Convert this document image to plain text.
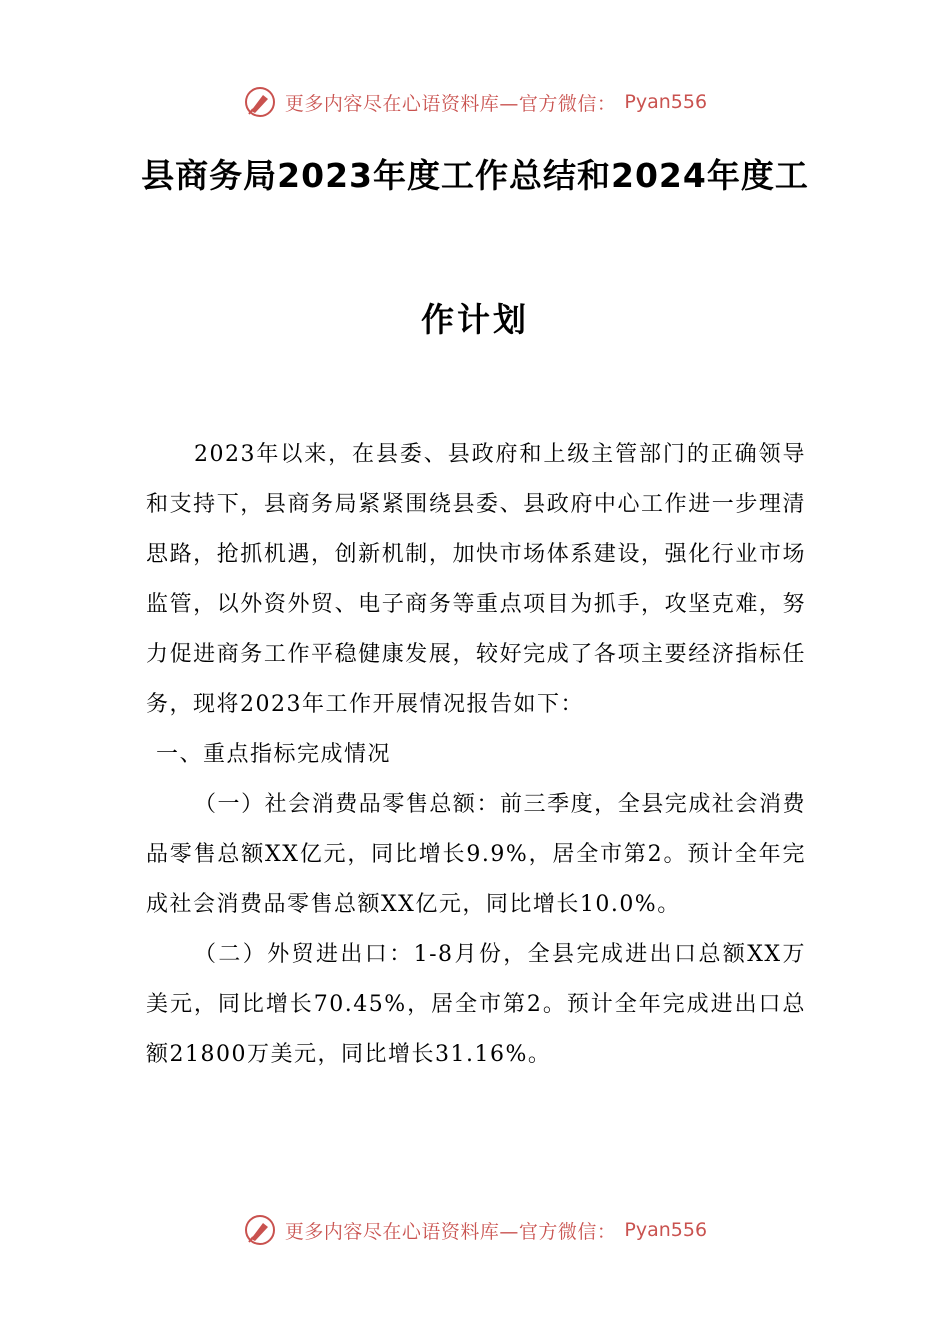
更多内容尽在心语资料库—官方微信： Pyan556
县商务局2023年度工作总结和2024年度工
作计划

2023年以来，在县委、县政府和上级主管部门的正确领导和支持下，县商务局紧紧围绕县委、县政府中心工作进一步理清思路，抢抓机遇，创新机制，加快市场体系建设，强化行业市场监管，以外资外贸、电子商务等重点项目为抓手，攻坚克难，努力促进商务工作平稳健康发展，较好完成了各项主要经济指标任务，现将2023年工作开展情况报告如下：

一、重点指标完成情况

（一）社会消费品零售总额：前三季度，全县完成社会消费品零售总额XX亿元，同比增长9.9%，居全市第2。预计全年完成社会消费品零售总额XX亿元，同比增长10.0%。

（二）外贸进出口：1-8月份，全县完成进出口总额XX万美元，同比增长70.45%，居全市第2。预计全年完成进出口总额21800万美元，同比增长31.16%。

更多内容尽在心语资料库—官方微信： Pyan556
